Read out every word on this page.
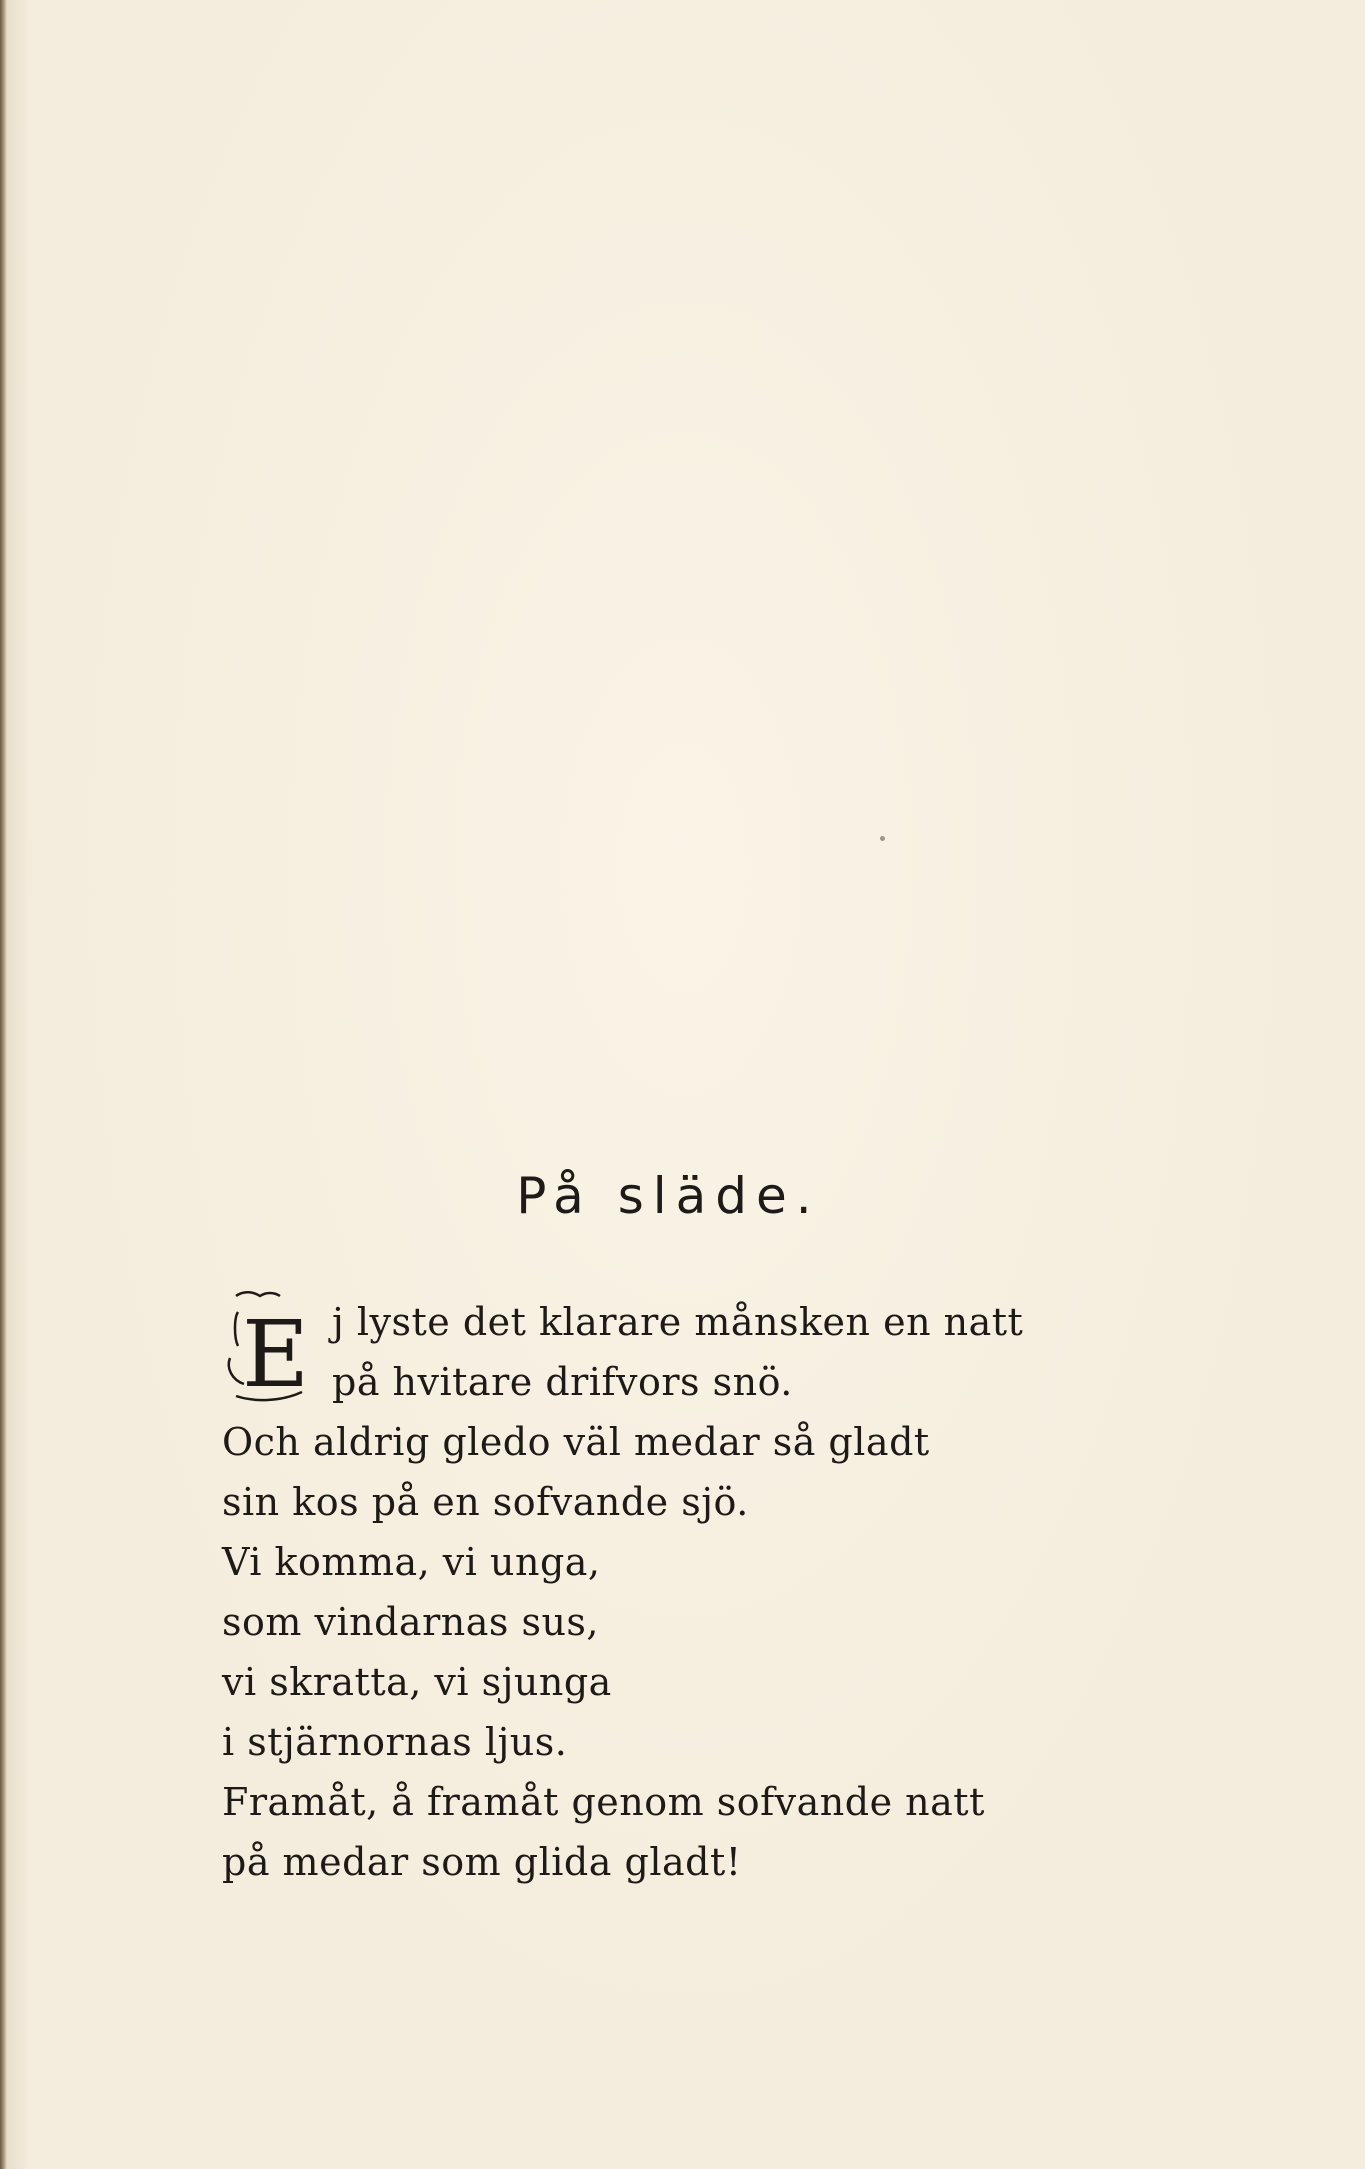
På släde.
E j lyste det klarare månsken en natt
på hvitare drifvors snö.
Och aldrig gledo väl medar så gladt
sin kos på en sofvande sjö.
Vi komma, vi unga,
som vindarnas sus,
vi skratta, vi sjunga
i stjärnornas ljus.
Framåt, å framåt genom sofvande natt
på medar som glida gladt!
